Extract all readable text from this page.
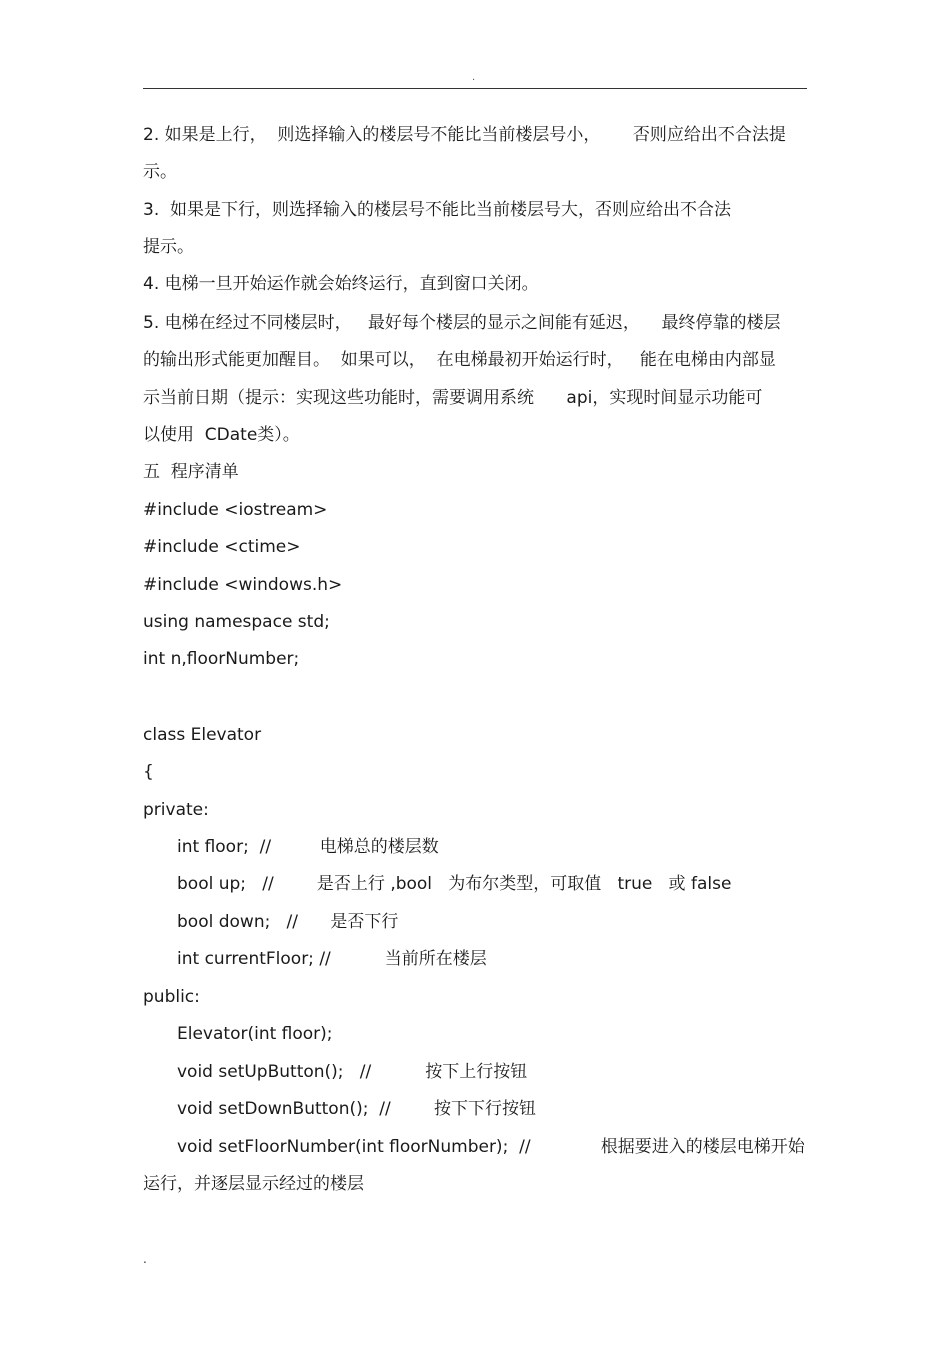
.
2. 如果是上行，  则选择输入的楼层号不能比当前楼层号小，      否则应给出不合法提
示。
3.  如果是下行，则选择输入的楼层号不能比当前楼层号大，否则应给出不合法
提示。
4. 电梯一旦开始运作就会始终运行，直到窗口关闭。
5. 电梯在经过不同楼层时，   最好每个楼层的显示之间能有延迟，    最终停靠的楼层
的输出形式能更加醒目。  如果可以，  在电梯最初开始运行时，   能在电梯由内部显
示当前日期（提示：实现这些功能时，需要调用系统      api，实现时间显示功能可
以使用  CDate类）。
五  程序清单
#include <iostream>
#include <ctime>
#include <windows.h>
using namespace std;
int n,floorNumber;
class Elevator
{
private:
int floor;  //         电梯总的楼层数
bool up;   //        是否上行 ,bool   为布尔类型，可取值   true   或 false
bool down;   //      是否下行
int currentFloor; //          当前所在楼层
public:
Elevator(int floor);
void setUpButton();   //          按下上行按钮
void setDownButton();  //        按下下行按钮
void setFloorNumber(int floorNumber);  //             根据要进入的楼层电梯开始
运行，并逐层显示经过的楼层
.
